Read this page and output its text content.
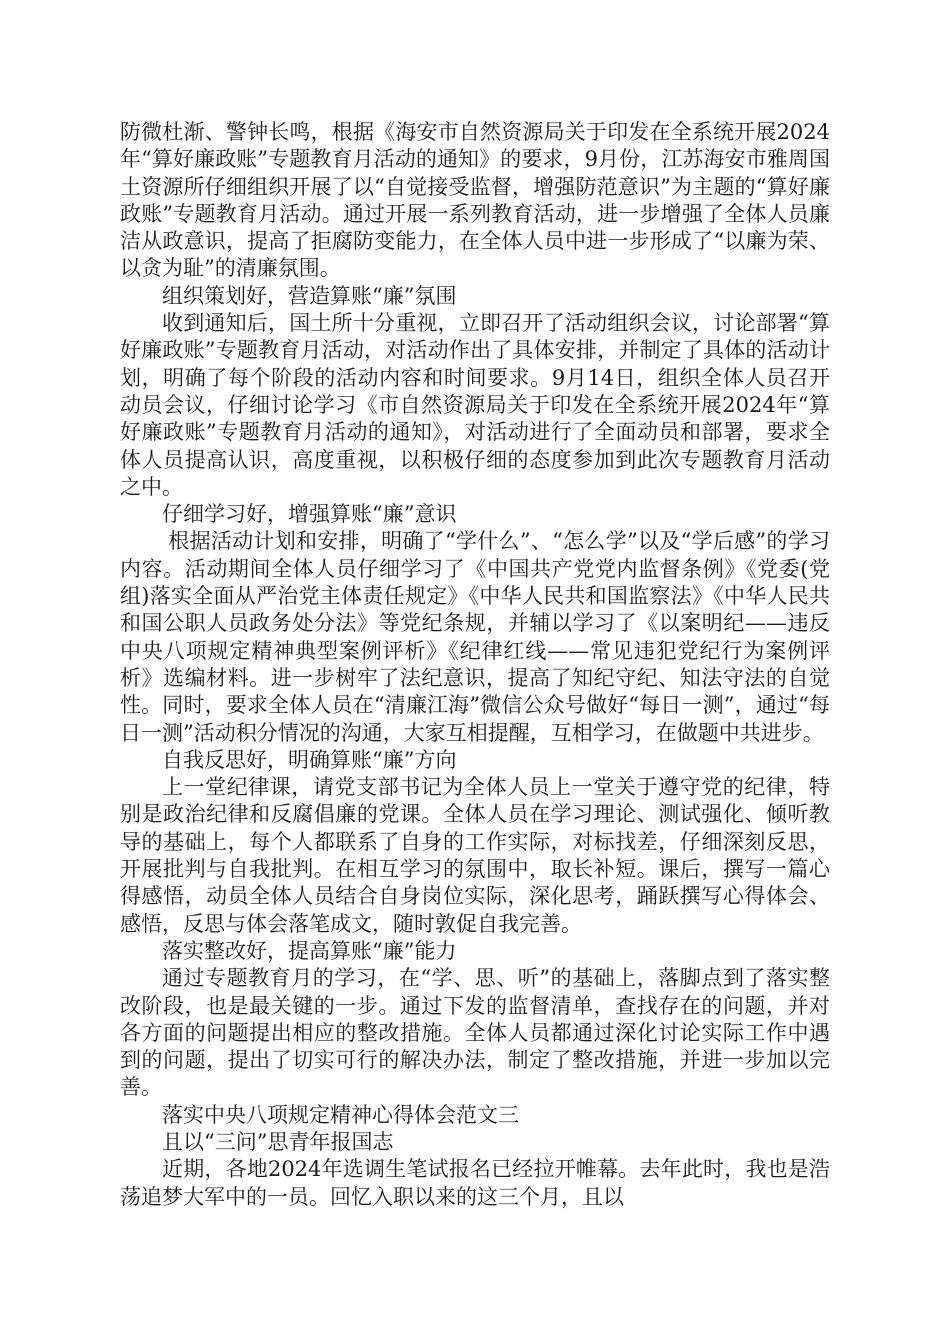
防微杜渐、警钟长鸣，根据《海安市自然资源局关于印发在全系统开展2024年“算好廉政账”专题教育月活动的通知》的要求，9月份，江苏海安市雅周国土资源所仔细组织开展了以“自觉接受监督，增强防范意识”为主题的“算好廉政账”专题教育月活动。通过开展一系列教育活动，进一步增强了全体人员廉洁从政意识，提高了拒腐防变能力，在全体人员中进一步形成了“以廉为荣、以贪为耻”的清廉氛围。

组织策划好，营造算账“廉”氛围

收到通知后，国土所十分重视，立即召开了活动组织会议，讨论部署“算好廉政账”专题教育月活动，对活动作出了具体安排，并制定了具体的活动计划，明确了每个阶段的活动内容和时间要求。9月14日，组织全体人员召开动员会议，仔细讨论学习《市自然资源局关于印发在全系统开展2024年“算好廉政账”专题教育月活动的通知》，对活动进行了全面动员和部署，要求全体人员提高认识，高度重视，以积极仔细的态度参加到此次专题教育月活动之中。

仔细学习好，增强算账“廉”意识

根据活动计划和安排，明确了“学什么”、“怎么学”以及“学后感”的学习内容。活动期间全体人员仔细学习了《中国共产党党内监督条例》《党委(党组)落实全面从严治党主体责任规定》《中华人民共和国监察法》《中华人民共和国公职人员政务处分法》等党纪条规，并辅以学习了《以案明纪——违反中央八项规定精神典型案例评析》《纪律红线——常见违犯党纪行为案例评析》选编材料。进一步树牢了法纪意识，提高了知纪守纪、知法守法的自觉性。同时，要求全体人员在“清廉江海”微信公众号做好“每日一测”，通过“每日一测”活动积分情况的沟通，大家互相提醒，互相学习，在做题中共进步。

自我反思好，明确算账“廉”方向

上一堂纪律课，请党支部书记为全体人员上一堂关于遵守党的纪律，特别是政治纪律和反腐倡廉的党课。全体人员在学习理论、测试强化、倾听教导的基础上，每个人都联系了自身的工作实际，对标找差，仔细深刻反思，开展批判与自我批判。在相互学习的氛围中，取长补短。课后，撰写一篇心得感悟，动员全体人员结合自身岗位实际，深化思考，踊跃撰写心得体会、感悟，反思与体会落笔成文，随时敦促自我完善。

落实整改好，提高算账“廉”能力

通过专题教育月的学习，在“学、思、听”的基础上，落脚点到了落实整改阶段，也是最关键的一步。通过下发的监督清单，查找存在的问题，并对各方面的问题提出相应的整改措施。全体人员都通过深化讨论实际工作中遇到的问题，提出了切实可行的解决办法，制定了整改措施，并进一步加以完善。

落实中央八项规定精神心得体会范文三

且以“三问”思青年报国志

近期，各地2024年选调生笔试报名已经拉开帷幕。去年此时，我也是浩荡追梦大军中的一员。回忆入职以来的这三个月，且以
